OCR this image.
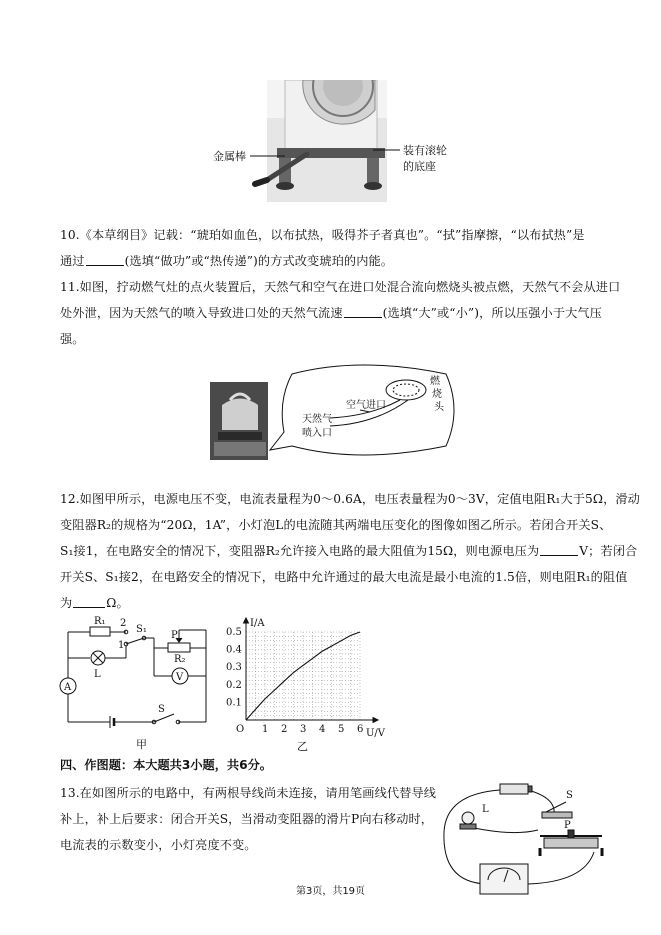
金属棒	装有滚轮
的底座

10.《本草纲目》记载：“琥珀如血色，以布拭热，吸得芥子者真也”。“拭”指摩擦，“以布拭热”是

通过	(选填“做功”或“热传递”)的方式改变琥珀的内能。

11.如图，拧动燃气灶的点火装置后，天然气和空气在进口处混合流向燃烧头被点燃，天然气不会从进口

处外泄，因为天然气的喷入导致进口处的天然气流速	(选填“大”或“小”)，所以压强小于大气压

强。

空气进口
天然气
喷入口
燃
烧
头

12.如图甲所示，电源电压不变，电流表量程为0～0.6A，电压表量程为0～3V，定值电阻R₁大于5Ω，滑动

变阻器R₂的规格为“20Ω，1A”，小灯泡L的电流随其两端电压变化的图像如图乙所示。若闭合开关S、

S₁接1，在电路安全的情况下，变阻器R₂允许接入电路的最大阻值为15Ω，则电源电压为	V；若闭合

开关S、S₁接2，在电路安全的情况下，电路中允许通过的最大电流是最小电流的1.5倍，则电阻R₁的阻值

为	Ω。

R₁ 2
1
S₁
L
P
R₂
A
V
S
甲
1 2 3 4 5 6
0.1
0.2
0.3
0.4
0.5
I/A
U/V
O
乙
四、作图题：本大题共3小题，共6分。

13.在如图所示的电路中，有两根导线尚未连接，请用笔画线代替导线

补上，补上后要求：闭合开关S，当滑动变阻器的滑片P向右移动时，

电流表的示数变小，小灯亮度不变。

L
S
P
第3页，共19页
